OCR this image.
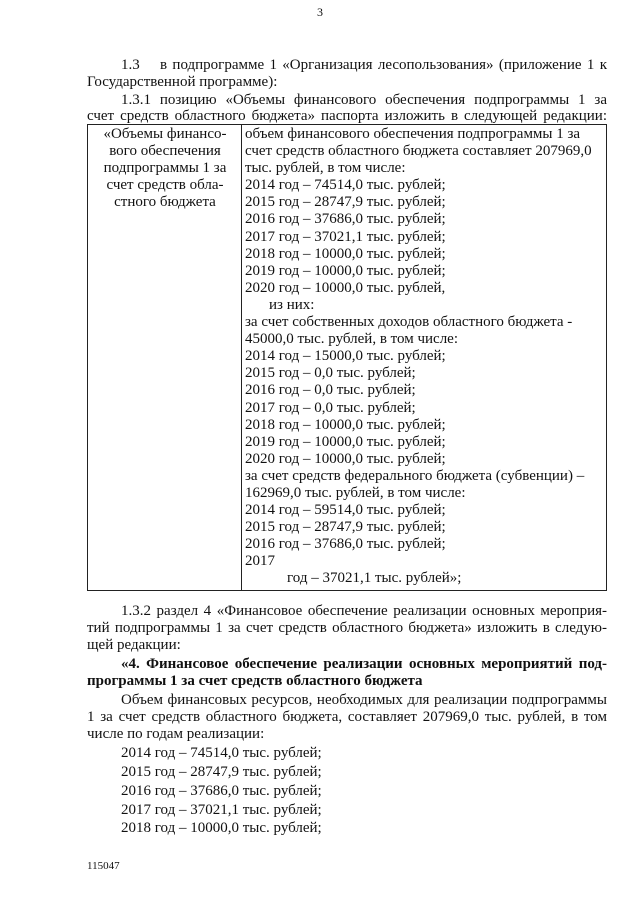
3
1.3 в подпрограмме 1 «Организация лесопользования» (приложение 1 к
Государственной программе):
1.3.1 позицию «Объемы финансового обеспечения подпрограммы 1 за
счет средств областного бюджета» паспорта изложить в следующей редакции:
«Объемы финансо-
вого обеспечения
подпрограммы 1 за
счет средств обла-
стного бюджета

объем финансового обеспечения подпрограммы 1 за
счет средств областного бюджета составляет 207969,0
тыс. рублей, в том числе:
2014 год – 74514,0 тыс. рублей;
2015 год – 28747,9 тыс. рублей;
2016 год – 37686,0 тыс. рублей;
2017 год – 37021,1 тыс. рублей;
2018 год – 10000,0 тыс. рублей;
2019 год – 10000,0 тыс. рублей;
2020 год – 10000,0 тыс. рублей,
из них:
за счет собственных доходов областного бюджета -
45000,0 тыс. рублей, в том числе:
2014 год – 15000,0 тыс. рублей;
2015 год – 0,0 тыс. рублей;
2016 год – 0,0 тыс. рублей;
2017 год – 0,0 тыс. рублей;
2018 год – 10000,0 тыс. рублей;
2019 год – 10000,0 тыс. рублей;
2020 год – 10000,0 тыс. рублей;
за счет средств федерального бюджета (субвенции) –
162969,0 тыс. рублей, в том числе:
2014 год – 59514,0 тыс. рублей;
2015 год – 28747,9 тыс. рублей;
2016 год – 37686,0 тыс. рублей;
2017
год – 37021,1 тыс. рублей»;
1.3.2 раздел 4 «Финансовое обеспечение реализации основных мероприя-
тий подпрограммы 1 за счет средств областного бюджета» изложить в следую-
щей редакции:
«4. Финансовое обеспечение реализации основных мероприятий под-
программы 1 за счет средств областного бюджета
Объем финансовых ресурсов, необходимых для реализации подпрограммы
1 за счет средств областного бюджета, составляет 207969,0 тыс. рублей, в том
числе по годам реализации:
2014 год – 74514,0 тыс. рублей;
2015 год – 28747,9 тыс. рублей;
2016 год – 37686,0 тыс. рублей;
2017 год – 37021,1 тыс. рублей;
2018 год – 10000,0 тыс. рублей;
115047
